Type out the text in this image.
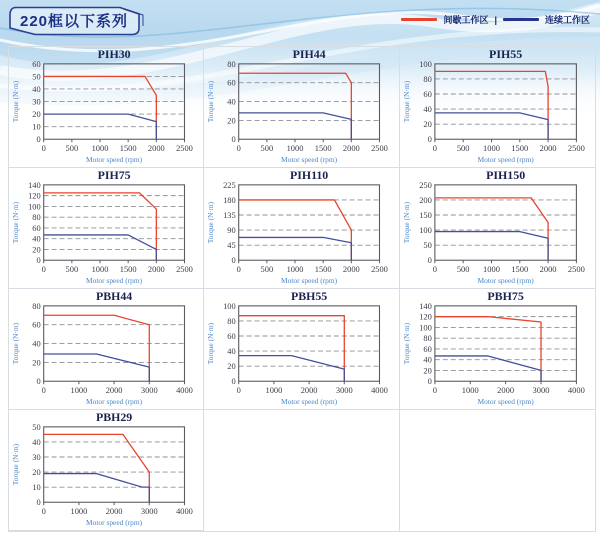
220框以下系列	间歇工作区 |	连续工作区
PIH30
0
10
20
30
40
50
60
0 500 1000 1500 2000 2500
Torque (N·m)
Motor speed (rpm)
PIH44
0
20
40
60
80
0 500 1000 1500 2000 2500
Torque (N·m)
Motor speed (rpm)
PIH55
0
20
40
60
80
100
0 500 1000 1500 2000 2500
Torque (N·m)
Motor speed (rpm)
PIH75
0
20
40
60
80
100
120
140
0 500 1000 1500 2000 2500
Torque (N·m)
Motor speed (rpm)
PIH110
0
45
90
135
180
225
0 500 1000 1500 2000 2500
Torque (N·m)
Motor speed (rpm)
PIH150
0
50
100
150
200
250
0 500 1000 1500 2000 2500
Torque (N·m)
Motor speed (rpm)
PBH44
0
20
40
60
80
0	1000 2000 3000 4000
Torque (N·m)
Motor speed (rpm)
PBH55
0
20
40
60
80
100
0	1000 2000 3000 4000
Torque (N·m)
Motor speed (rpm)
PBH75
0
20
40
60
80
100
120
140
0	1000 2000 3000 4000
Torque (N·m)
Motor speed (rpm)
PBH29
0
10
20
30
40
50
0	1000 2000 3000 4000
Torque (N·m)
Motor speed (rpm)
